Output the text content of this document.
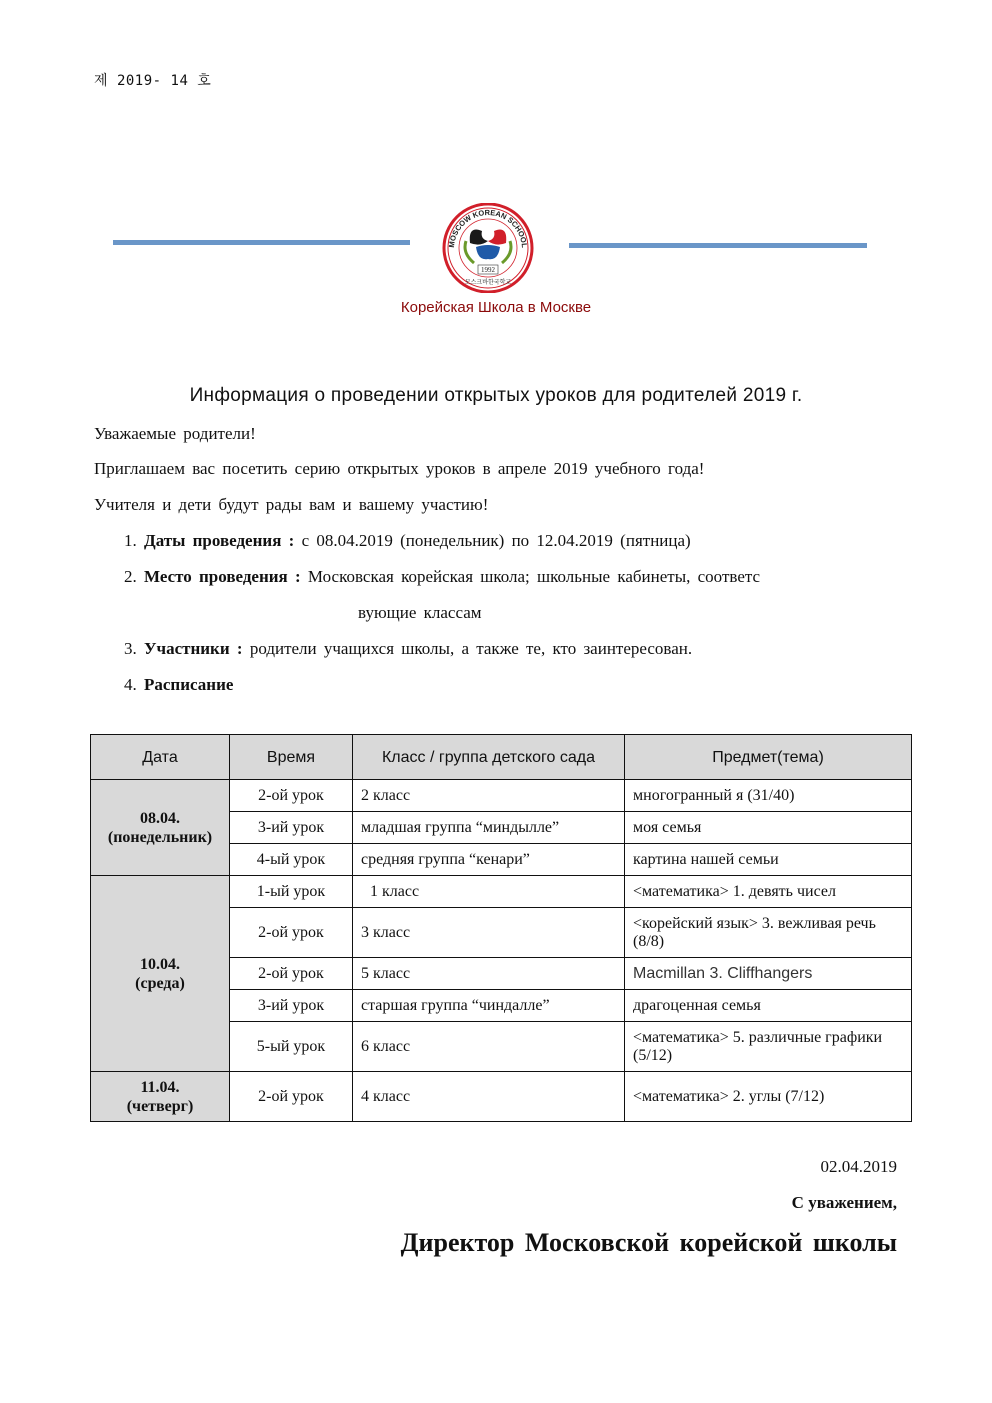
제 2019- 14 호
MOSCOW KOREAN SCHOOL
1992
모스크바한국학교
Корейская Школа в Москве
Информация о проведении открытых уроков для родителей 2019 г.
Уважаемые родители!
Приглашаем вас посетить серию открытых уроков в апреле 2019 учебного года!
Учителя и дети будут рады вам и вашему участию!
1. Даты проведения : с 08.04.2019 (понедельник) по 12.04.2019 (пятница)
2. Место проведения : Московская корейская школа; школьные кабинеты, соответс
вующие классам
3. Участники : родители учащихся школы, а также те, кто заинтересован.
4. Расписание
Дата	Время	Класс / группа детского сада	Предмет(тема)

08.04.
(понедельник)	2-ой урок	2 класс	многогранный я (31/40)
	3-ий урок	младшая группа “миндылле”	моя семья
	4-ый урок	средняя группа “кенари”	картина нашей семьи

10.04.
(среда)	1-ый урок	1 класс	<математика> 1. девять чисел
	2-ой урок	3 класс	<корейский язык> 3. вежливая речь (8/8)
	2-ой урок	5 класс	Macmillan 3. Cliffhangers
	3-ий урок	старшая группа “чиндалле”	драгоценная семья
	5-ый урок	6 класс	<математика> 5. различные графики (5/12)

11.04.
(четверг)	2-ой урок	4 класс	<математика> 2. углы (7/12)
02.04.2019
С уважением,
Директор Московской корейской школы
